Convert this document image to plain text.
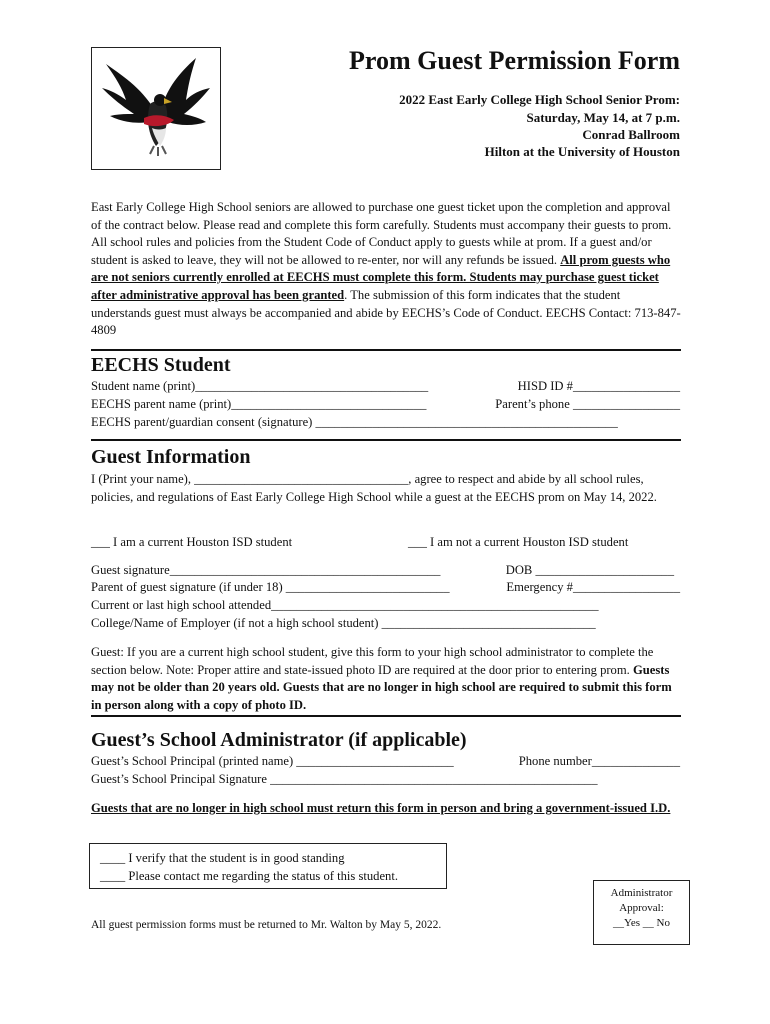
Prom Guest Permission Form
2022 East Early College High School Senior Prom:
Saturday, May 14, at 7 p.m.
Conrad Ballroom
Hilton at the University of Houston
East Early College High School seniors are allowed to purchase one guest ticket upon the completion and approval of the contract below. Please read and complete this form carefully. Students must accompany their guests to prom. All school rules and policies from the Student Code of Conduct apply to guests while at prom. If a guest and/or student is asked to leave, they will not be allowed to re-enter, nor will any refunds be issued. All prom guests who are not seniors currently enrolled at EECHS must complete this form. Students may purchase guest ticket after administrative approval has been granted. The submission of this form indicates that the student understands guest must always be accompanied and abide by EECHS’s Code of Conduct. EECHS Contact: 713-847-4809
EECHS Student
Student name (print)_____________________________________	HISD ID #_________________
EECHS parent name (print)_______________________________	Parent’s phone _________________
EECHS parent/guardian consent (signature) ________________________________________________
Guest Information
I (Print your name), __________________________________, agree to respect and abide by all school rules, policies, and regulations of East Early College High School while a guest at the EECHS prom on May 14, 2022.
___ I am a current Houston ISD student	___ I am not a current Houston ISD student
Guest signature___________________________________________	DOB ______________________
Parent of guest signature (if under 18) __________________________	Emergency #_________________
Current or last high school attended____________________________________________________
College/Name of Employer (if not a high school student) __________________________________
Guest: If you are a current high school student, give this form to your high school administrator to complete the section below. Note: Proper attire and state-issued photo ID are required at the door prior to entering prom. Guests may not be older than 20 years old. Guests that are no longer in high school are required to submit this form in person along with a copy of photo ID.
Guest’s School Administrator (if applicable)
Guest’s School Principal (printed name) _________________________	Phone number______________
Guest’s School Principal Signature ____________________________________________________
Guests that are no longer in high school must return this form in person and bring a government-issued I.D.
____ I verify that the student is in good standing
____ Please contact me regarding the status of this student.
Administrator
Approval:
__Yes __ No
All guest permission forms must be returned to Mr. Walton by May 5, 2022.
